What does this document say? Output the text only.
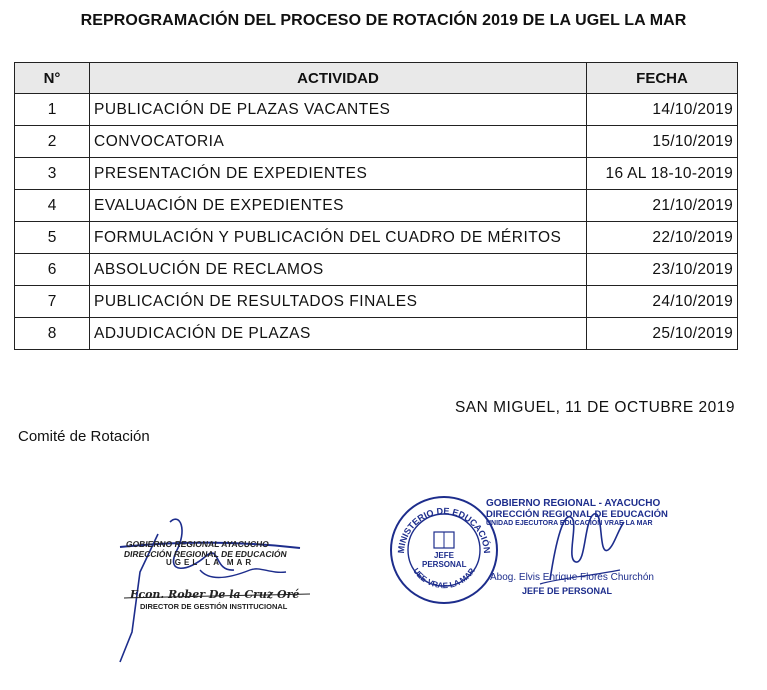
REPROGRAMACIÓN DEL PROCESO DE ROTACIÓN 2019 DE LA UGEL LA MAR
N°	ACTIVIDAD	FECHA
1	PUBLICACIÓN DE PLAZAS VACANTES	14/10/2019
2	CONVOCATORIA	15/10/2019
3	PRESENTACIÓN DE EXPEDIENTES	16 AL 18-10-2019
4	EVALUACIÓN DE EXPEDIENTES	21/10/2019
5	FORMULACIÓN Y PUBLICACIÓN DEL CUADRO DE MÉRITOS	22/10/2019
6	ABSOLUCIÓN DE RECLAMOS	23/10/2019
7	PUBLICACIÓN DE RESULTADOS FINALES	24/10/2019
8	ADJUDICACIÓN DE PLAZAS	25/10/2019
SAN MIGUEL, 11 DE OCTUBRE 2019
Comité de Rotación
GOBIERNO REGIONAL AYACUCHO
DIRECCIÓN REGIONAL DE EDUCACIÓN
UGEL LA MAR
Econ. Rober De la Cruz Oré
DIRECTOR DE GESTIÓN INSTITUCIONAL
MINISTERIO DE EDUCACIÓN
UEE-VRAE LA MAR
JEFE PERSONAL
GOBIERNO REGIONAL - AYACUCHO
DIRECCIÓN REGIONAL DE EDUCACIÓN
UNIDAD EJECUTORA EDUCACIÓN VRAE LA MAR
Abog. Elvis Enrique Flores Churchón
JEFE DE PERSONAL
